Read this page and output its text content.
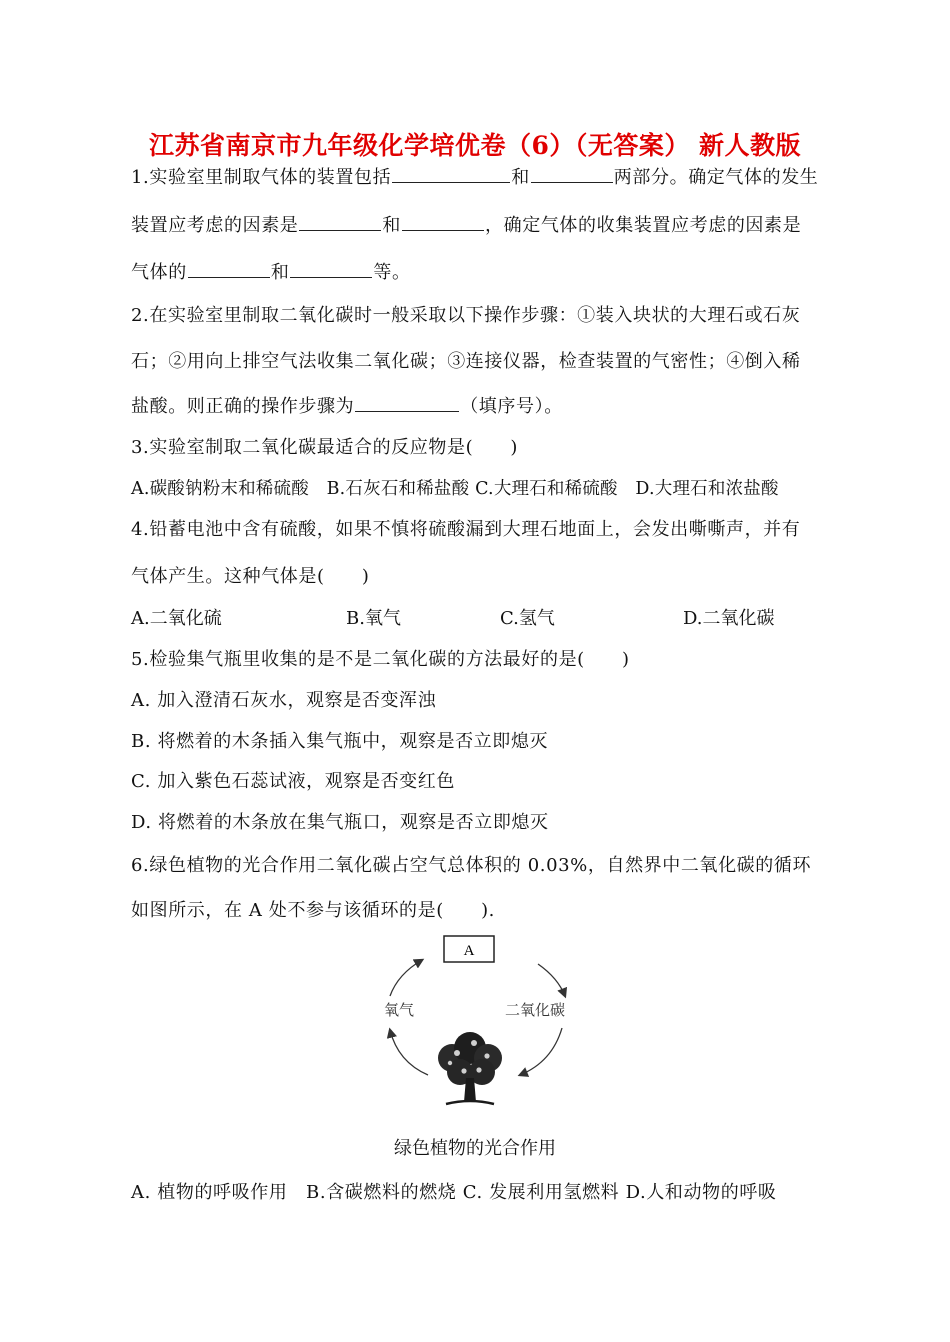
江苏省南京市九年级化学培优卷（6）（无答案） 新人教版
1.实验室里制取气体的装置包括	和	两部分。确定气体的发生
装置应考虑的因素是	和	，确定气体的收集装置应考虑的因素是
气体的	和	等。
2.在实验室里制取二氧化碳时一般采取以下操作步骤：①装入块状的大理石或石灰
石；②用向上排空气法收集二氧化碳；③连接仪器，检查装置的气密性；④倒入稀
盐酸。则正确的操作步骤为	（填序号）。
3.实验室制取二氧化碳最适合的反应物是(　　)
A.碳酸钠粉末和稀硫酸　B.石灰石和稀盐酸 C.大理石和稀硫酸　D.大理石和浓盐酸
4.铅蓄电池中含有硫酸，如果不慎将硫酸漏到大理石地面上，会发出嘶嘶声，并有
气体产生。这种气体是(　　)
A.二氧化硫	B.氧气	C.氢气	D.二氧化碳
5.检验集气瓶里收集的是不是二氧化碳的方法最好的是(　　)
A. 加入澄清石灰水，观察是否变浑浊
B. 将燃着的木条插入集气瓶中，观察是否立即熄灭
C. 加入紫色石蕊试液，观察是否变红色
D. 将燃着的木条放在集气瓶口，观察是否立即熄灭
6.绿色植物的光合作用二氧化碳占空气总体积的 0.03%，自然界中二氧化碳的循环
如图所示，在 A 处不参与该循环的是(　　).
A
氧气	二氧化碳
绿色植物的光合作用
A. 植物的呼吸作用　B.含碳燃料的燃烧 C. 发展利用氢燃料 D.人和动物的呼吸
